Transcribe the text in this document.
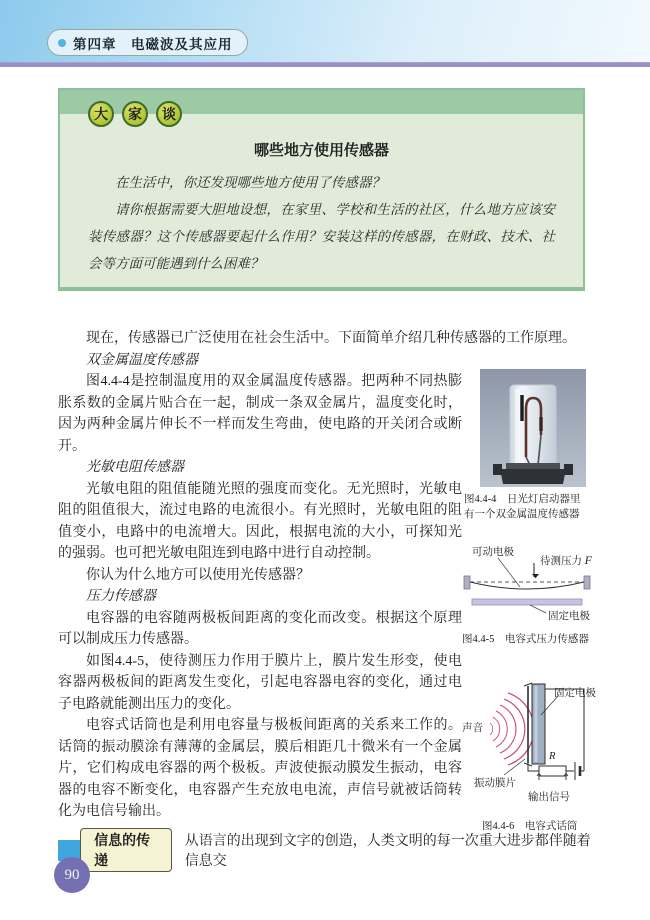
第四章　电磁波及其应用
大	家	谈
哪些地方使用传感器

在生活中，你还发现哪些地方使用了传感器？

请你根据需要大胆地设想，在家里、学校和生活的社区，什么地方应该安装传感器？这个传感器要起什么作用？安装这样的传感器，在财政、技术、社会等方面可能遇到什么困难？

现在，传感器已广泛使用在社会生活中。下面简单介绍几种传感器的工作原理。

双金属温度传感器

图4.4-4是控制温度用的双金属温度传感器。把两种不同热膨胀系数的金属片贴合在一起，制成一条双金属片，温度变化时，因为两种金属片伸长不一样而发生弯曲，使电路的开关闭合或断开。

光敏电阻传感器

光敏电阻的阻值能随光照的强度而变化。无光照时，光敏电阻的阻值很大，流过电路的电流很小。有光照时，光敏电阻的阻值变小，电路中的电流增大。因此，根据电流的大小，可探知光的强弱。也可把光敏电阻连到电路中进行自动控制。

你认为什么地方可以使用光传感器？

压力传感器

电容器的电容随两极板间距离的变化而改变。根据这个原理可以制成压力传感器。

如图4.4-5，使待测压力作用于膜片上，膜片发生形变，使电容器两极板间的距离发生变化，引起电容器电容的变化，通过电子电路就能测出压力的变化。

电容式话筒也是利用电容量与极板间距离的关系来工作的。话筒的振动膜涂有薄薄的金属层，膜后相距几十微米有一个金属片，它们构成电容器的两个极板。声波使振动膜发生振动，电容器的电容不断变化，电容器产生充放电电流，声信号就被话筒转化为电信号输出。

图4.4-4　日光灯启动器里
有一个双金属温度传感器
可动电极
待测压力 F
固定电极
图4.4-5　电容式压力传感器
声音
固定电极
振动膜片
R
输出信号
图4.4-6　电容式话筒
信息的传递
从语言的出现到文字的创造，人类文明的每一次重大进步都伴随着信息交
90
